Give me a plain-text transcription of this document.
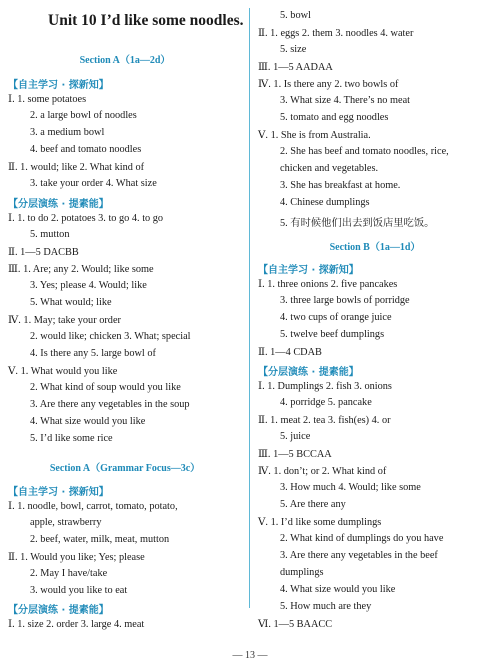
Unit 10 I’d like some noodles.
Section A（1a—2d）
【自主学习 · 探新知】
Ⅰ. 1. some potatoes
2. a large bowl of noodles
3. a medium bowl
4. beef and tomato noodles
Ⅱ. 1. would; like 2. What kind of
3. take your order 4. What size
【分层演练 · 提素能】
Ⅰ. 1. to do 2. potatoes 3. to go 4. to go
5. mutton
Ⅱ. 1—5 DACBB
Ⅲ. 1. Are; any 2. Would; like some
3. Yes; please 4. Would; like
5. What would; like
Ⅳ. 1. May; take your order
2. would like; chicken 3. What; special
4. Is there any 5. large bowl of
Ⅴ. 1. What would you like
2. What kind of soup would you like
3. Are there any vegetables in the soup
4. What size would you like
5. I’d like some rice
Section A（Grammar Focus—3c）
【自主学习 · 探新知】
Ⅰ. 1. noodle, bowl, carrot, tomato, potato,
apple, strawberry
2. beef, water, milk, meat, mutton
Ⅱ. 1. Would you like; Yes; please
2. May I have/take
3. would you like to eat
【分层演练 · 提素能】
Ⅰ. 1. size 2. order 3. large 4. meat
5. bowl
Ⅱ. 1. eggs 2. them 3. noodles 4. water
5. size
Ⅲ. 1—5 AADAA
Ⅳ. 1. Is there any 2. two bowls of
3. What size 4. There’s no meat
5. tomato and egg noodles
Ⅴ. 1. She is from Australia.
2. She has beef and tomato noodles, rice,
chicken and vegetables.
3. She has breakfast at home.
4. Chinese dumplings
5. 有时候他们出去到饭店里吃饭。
Section B（1a—1d）
【自主学习 · 探新知】
Ⅰ. 1. three onions 2. five pancakes
3. three large bowls of porridge
4. two cups of orange juice
5. twelve beef dumplings
Ⅱ. 1—4 CDAB
【分层演练 · 提素能】
Ⅰ. 1. Dumplings 2. fish 3. onions
4. porridge 5. pancake
Ⅱ. 1. meat 2. tea 3. fish(es) 4. or
5. juice
Ⅲ. 1—5 BCCAA
Ⅳ. 1. don’t; or 2. What kind of
3. How much 4. Would; like some
5. Are there any
Ⅴ. 1. I’d like some dumplings
2. What kind of dumplings do you have
3. Are there any vegetables in the beef
dumplings
4. What size would you like
5. How much are they
Ⅵ. 1—5 BAACC
— 13 —
